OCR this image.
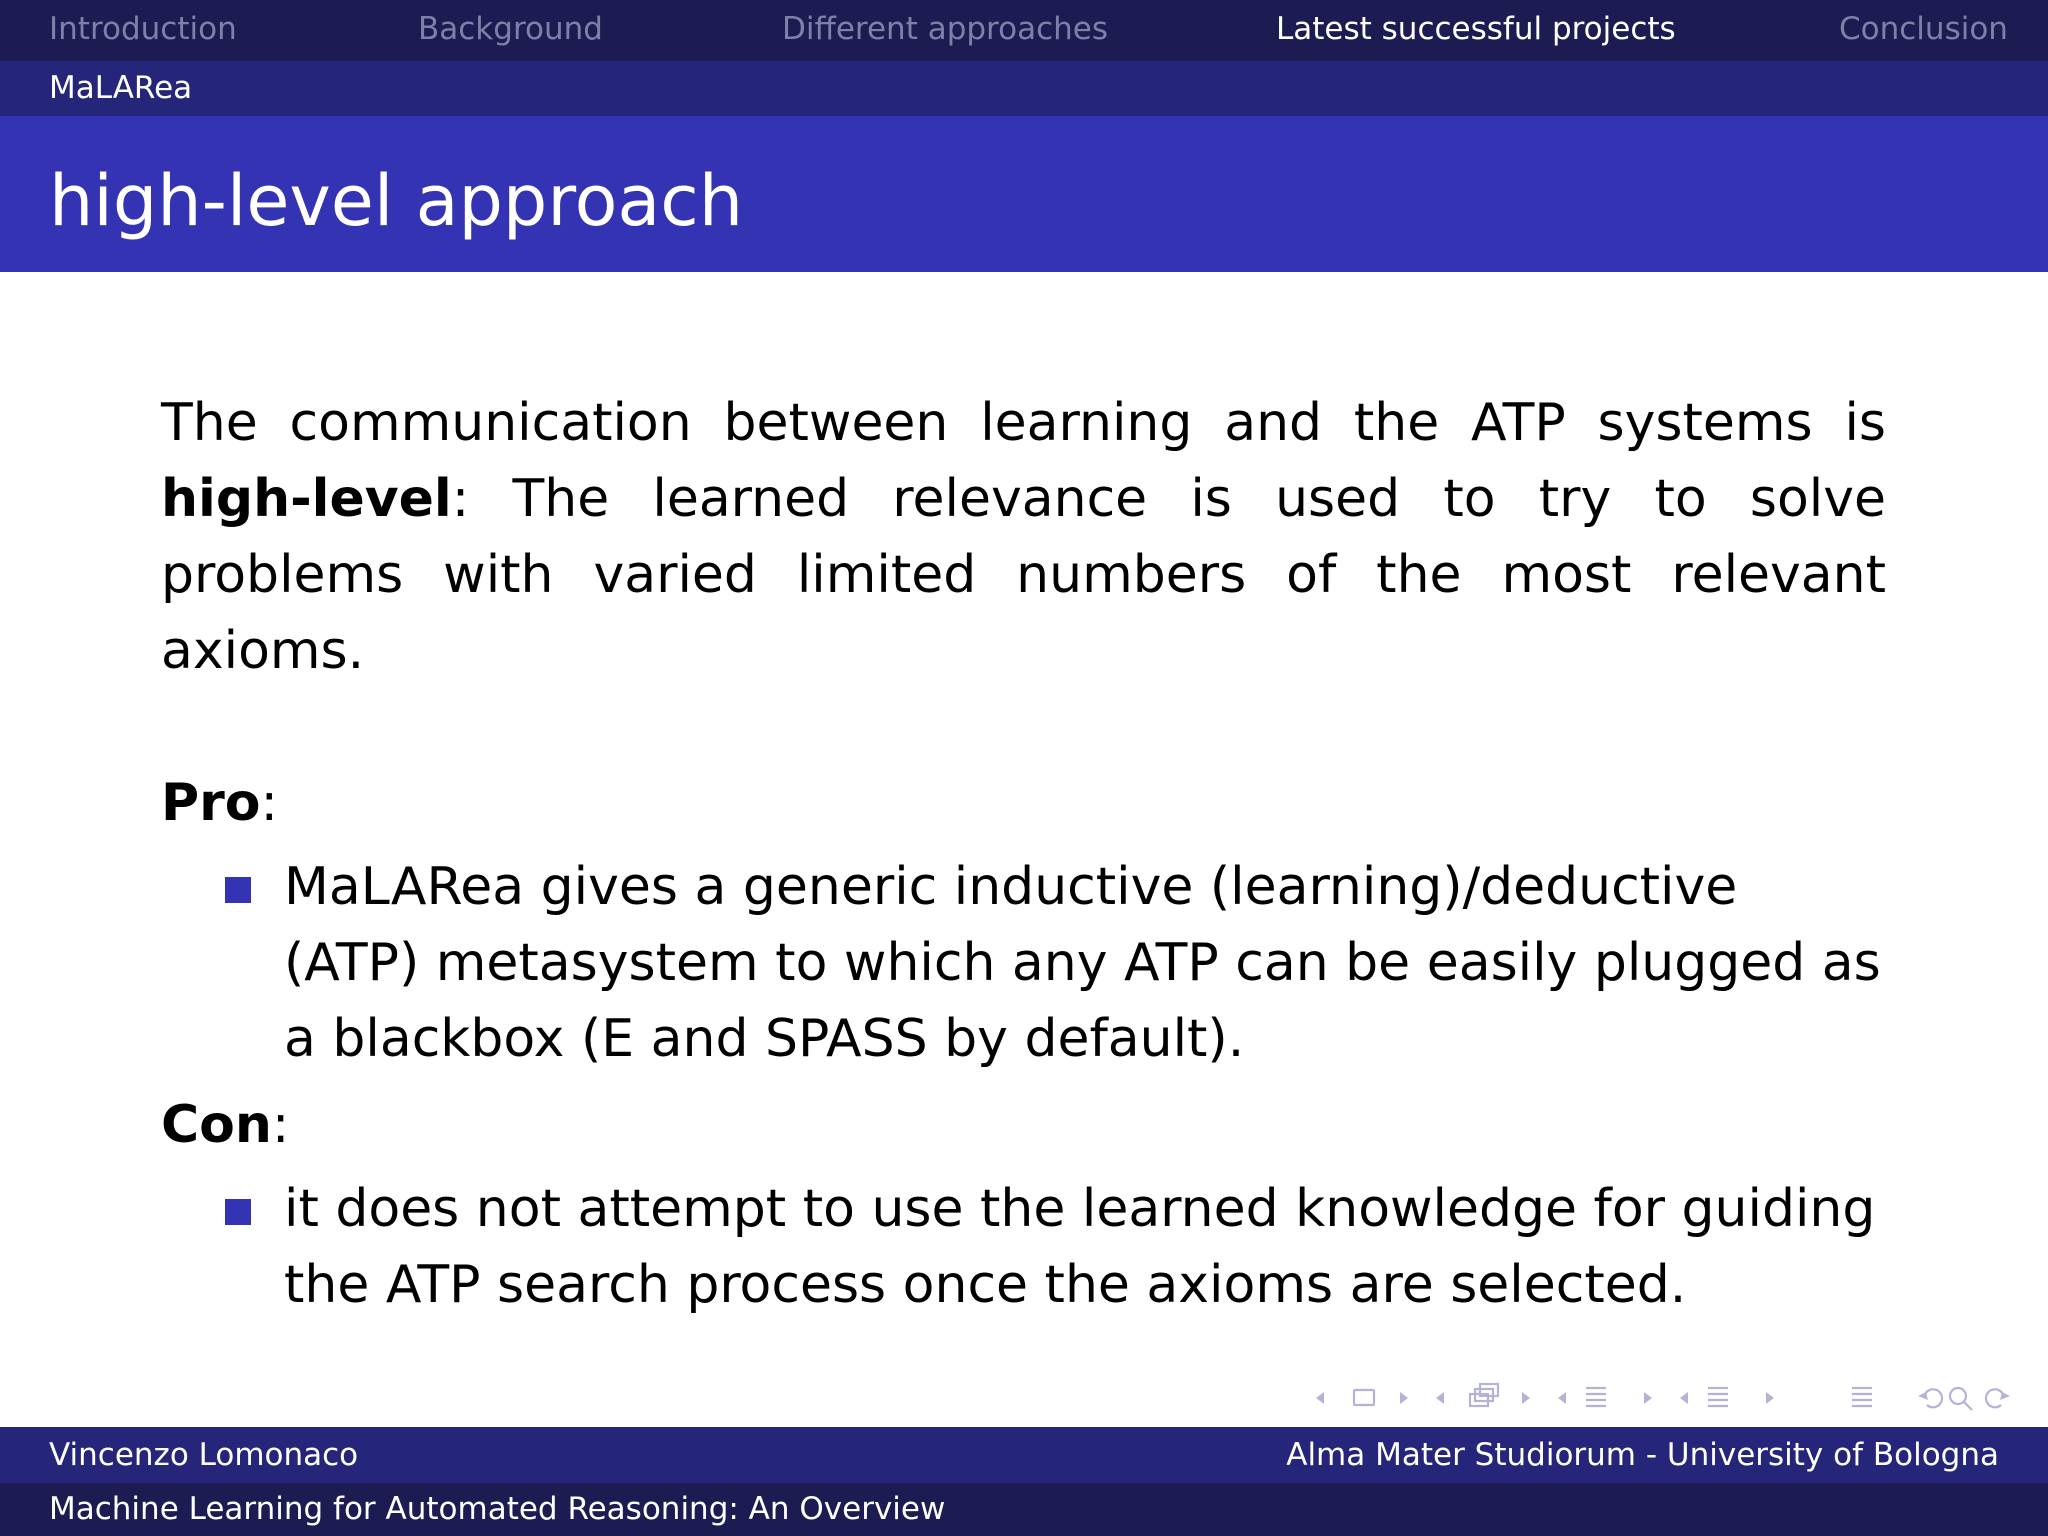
Introduction	Background	Different approaches	Latest successful projects	Conclusion
MaLARea
high-level approach

The communication between learning and the ATP systems is high-level: The learned relevance is used to try to solve problems with varied limited numbers of the most relevant axioms.

Pro:

MaLARea gives a generic inductive (learning)/deductive (ATP) metasystem to which any ATP can be easily plugged as a blackbox (E and SPASS by default).

Con:

it does not attempt to use the learned knowledge for guiding the ATP search process once the axioms are selected.
Vincenzo Lomonaco	Alma Mater Studiorum - University of Bologna
Machine Learning for Automated Reasoning: An Overview
